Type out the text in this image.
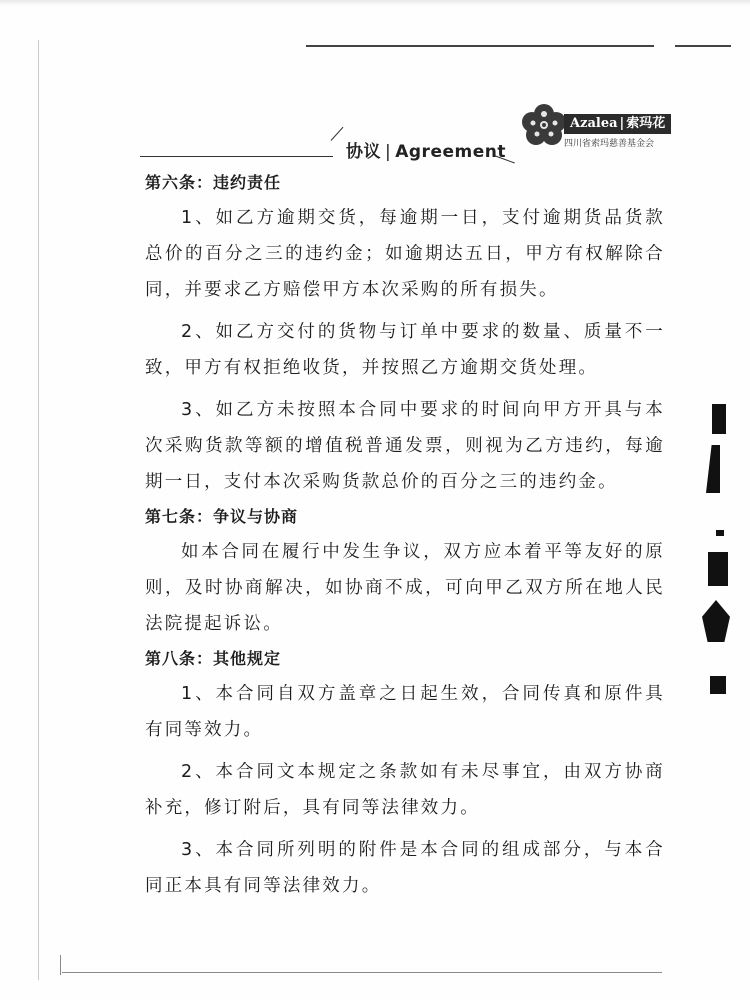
协议 | Agreement
Azalea | 索玛花
四川省索玛慈善基金会
第六条：违约责任

1、如乙方逾期交货，每逾期一日，支付逾期货品货款总价的百分之三的违约金；如逾期达五日，甲方有权解除合同，并要求乙方赔偿甲方本次采购的所有损失。

2、如乙方交付的货物与订单中要求的数量、质量不一致，甲方有权拒绝收货，并按照乙方逾期交货处理。

3、如乙方未按照本合同中要求的时间向甲方开具与本次采购货款等额的增值税普通发票，则视为乙方违约，每逾期一日，支付本次采购货款总价的百分之三的违约金。

第七条：争议与协商

如本合同在履行中发生争议，双方应本着平等友好的原则，及时协商解决，如协商不成，可向甲乙双方所在地人民法院提起诉讼。

第八条：其他规定

1、本合同自双方盖章之日起生效，合同传真和原件具有同等效力。

2、本合同文本规定之条款如有未尽事宜，由双方协商补充，修订附后，具有同等法律效力。

3、本合同所列明的附件是本合同的组成部分，与本合同正本具有同等法律效力。
